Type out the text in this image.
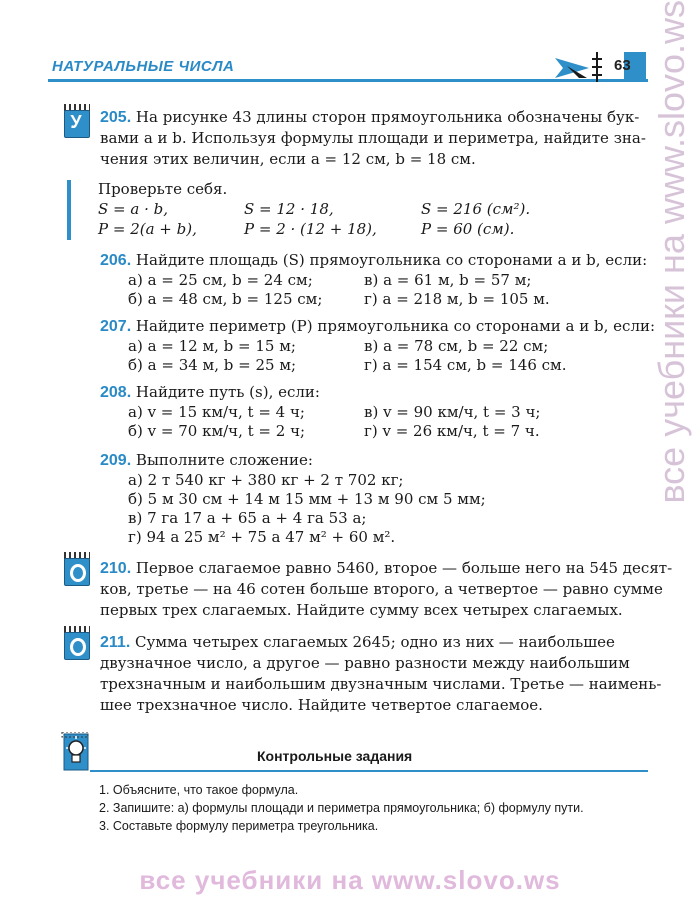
НАТУРАЛЬНЫЕ ЧИСЛА	63
У	205. На рисунке 43 длины сторон прямоугольника обозначены бук-
вами a и b. Используя формулы площади и периметра, найдите зна-
чения этих величин, если a = 12 см, b = 18 см.
Проверьте себя.
S = a · b,	S = 12 · 18,	S = 216 (см²).
P = 2(a + b),	P = 2 · (12 + 18),	P = 60 (см).
206. Найдите площадь (S) прямоугольника со сторонами a и b, если:
а) a = 25 см, b = 24 см;	в) a = 61 м, b = 57 м;
б) a = 48 см, b = 125 см;	г) a = 218 м, b = 105 м.
207. Найдите периметр (P) прямоугольника со сторонами a и b, если:
а) a = 12 м, b = 15 м;	в) a = 78 см, b = 22 см;
б) a = 34 м, b = 25 м;	г) a = 154 см, b = 146 см.
208. Найдите путь (s), если:
а) v = 15 км/ч, t = 4 ч;	в) v = 90 км/ч, t = 3 ч;
б) v = 70 км/ч, t = 2 ч;	г) v = 26 км/ч, t = 7 ч.
209. Выполните сложение:
а) 2 т 540 кг + 380 кг + 2 т 702 кг;
б) 5 м 30 см + 14 м 15 мм + 13 м 90 см 5 мм;
в) 7 га 17 а + 65 а + 4 га 53 а;
г) 94 а 25 м² + 75 а 47 м² + 60 м².
210. Первое слагаемое равно 5460, второе — больше него на 545 десят-
ков, третье — на 46 сотен больше второго, а четвертое — равно сумме
первых трех слагаемых. Найдите сумму всех четырех слагаемых.
211. Сумма четырех слагаемых 2645; одно из них — наибольшее
двузначное число, а другое — равно разности между наибольшим
трехзначным и наибольшим двузначным числами. Третье — наимень-
шее трехзначное число. Найдите четвертое слагаемое.
Контрольные задания
1. Объясните, что такое формула.
2. Запишите: а) формулы площади и периметра прямоугольника; б) формулу пути.
3. Составьте формулу периметра треугольника.
все учебники на www.slovo.ws
все учебники на www.slovo.ws
